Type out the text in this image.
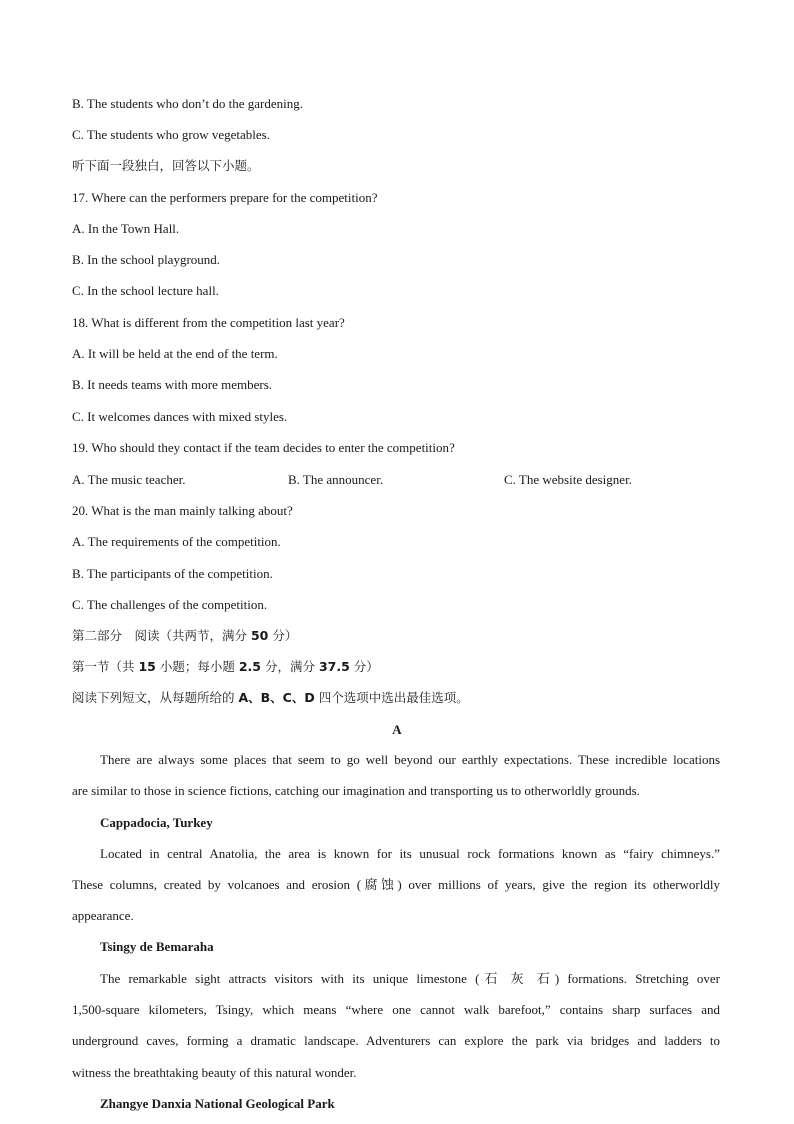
B. The students who don’t do the gardening.
C. The students who grow vegetables.
听下面一段独白，回答以下小题。
17. Where can the performers prepare for the competition?
A. In the Town Hall.
B. In the school playground.
C. In the school lecture hall.
18. What is different from the competition last year?
A. It will be held at the end of the term.
B. It needs teams with more members.
C. It welcomes dances with mixed styles.
19. Who should they contact if the team decides to enter the competition?
A. The music teacher.	B. The announcer.	C. The website designer.
20. What is the man mainly talking about?
A. The requirements of the competition.
B. The participants of the competition.
C. The challenges of the competition.
第二部分　阅读（共两节，满分 50 分）
第一节（共 15 小题；每小题 2.5 分，满分 37.5 分）
阅读下列短文，从每题所给的 A、B、C、D 四个选项中选出最佳选项。
A
There are always some places that seem to go well beyond our earthly expectations. These incredible locations
are similar to those in science fictions, catching our imagination and transporting us to otherworldly grounds.
Cappadocia, Turkey
Located in central Anatolia, the area is known for its unusual rock formations known as “fairy chimneys.”
These columns, created by volcanoes and erosion (腐蚀) over millions of years, give the region its otherworldly
appearance.
Tsingy de Bemaraha
The remarkable sight attracts visitors with its unique limestone (石 灰 石) formations. Stretching over
1,500-square kilometers, Tsingy, which means “where one cannot walk barefoot,” contains sharp surfaces and
underground caves, forming a dramatic landscape. Adventurers can explore the park via bridges and ladders to
witness the breathtaking beauty of this natural wonder.
Zhangye Danxia National Geological Park
